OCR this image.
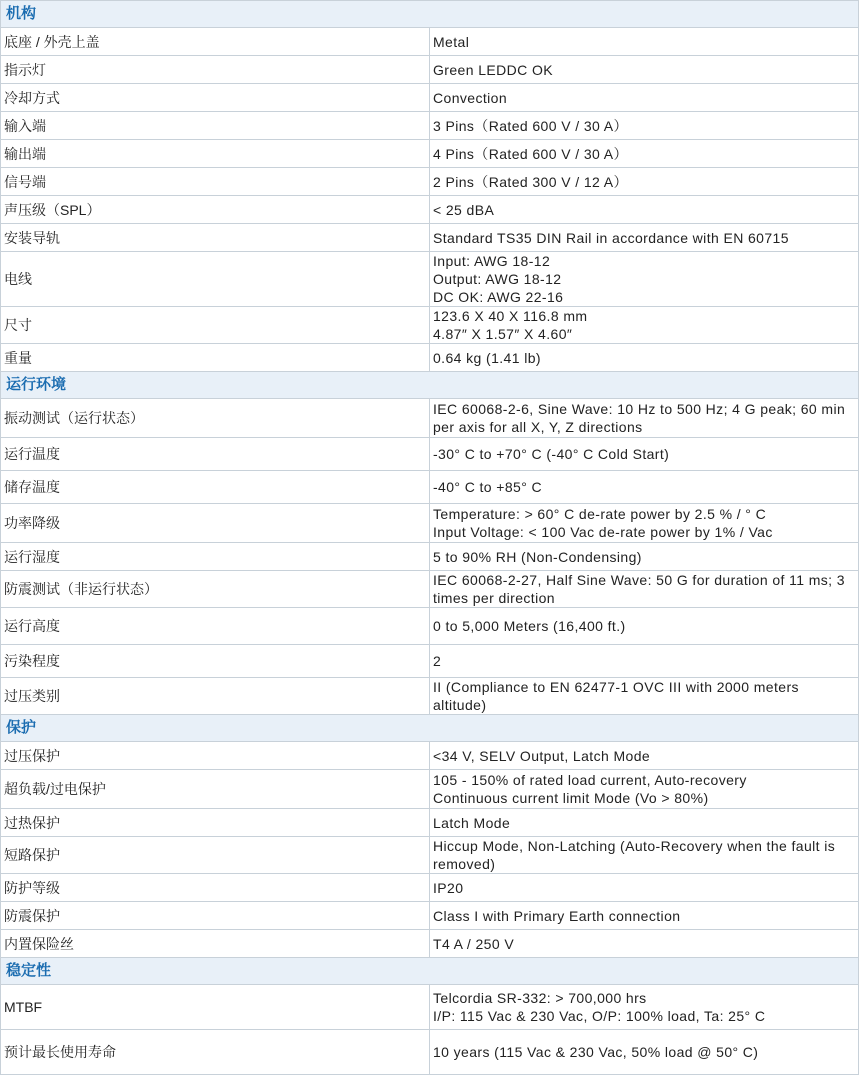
机构	
底座 / 外壳上盖	Metal
指示灯	Green LEDDC OK
冷却方式	Convection
输入端	3 Pins（Rated 600 V / 30 A）
输出端	4 Pins（Rated 600 V / 30 A）
信号端	2 Pins（Rated 300 V / 12 A）
声压级（SPL）	< 25 dBA
安装导轨	Standard TS35 DIN Rail in accordance with EN 60715
电线	Input: AWG 18-12
Output: AWG 18-12
DC OK: AWG 22-16
尺寸	123.6 X 40 X 116.8 mm
4.87″ X 1.57″ X 4.60″
重量	0.64 kg (1.41 lb)
运行环境	
振动测试（运行状态）	IEC 60068-2-6, Sine Wave: 10 Hz to 500 Hz; 4 G peak; 60 min per axis for all X, Y, Z directions
运行温度	-30° C to +70° C (-40° C Cold Start)
储存温度	-40° C to +85° C
功率降级	Temperature: > 60° C de-rate power by 2.5 % / ° C
Input Voltage: < 100 Vac de-rate power by 1% / Vac
运行湿度	5 to 90% RH (Non-Condensing)
防震测试（非运行状态）	IEC 60068-2-27, Half Sine Wave: 50 G for duration of 11 ms; 3 times per direction
运行高度	0 to 5,000 Meters (16,400 ft.)
污染程度	2
过压类别	II (Compliance to EN 62477-1 OVC III with 2000 meters altitude)
保护	
过压保护	<34 V, SELV Output, Latch Mode
超负载/过电保护	105 - 150% of rated load current, Auto-recovery
Continuous current limit Mode (Vo > 80%)
过热保护	Latch Mode
短路保护	Hiccup Mode, Non-Latching (Auto-Recovery when the fault is removed)
防护等级	IP20
防震保护	Class I with Primary Earth connection
内置保险丝	T4 A / 250 V
稳定性	
MTBF	Telcordia SR-332: > 700,000 hrs
I/P: 115 Vac & 230 Vac, O/P: 100% load, Ta: 25° C
预计最长使用寿命	10 years (115 Vac & 230 Vac, 50% load @ 50° C)
